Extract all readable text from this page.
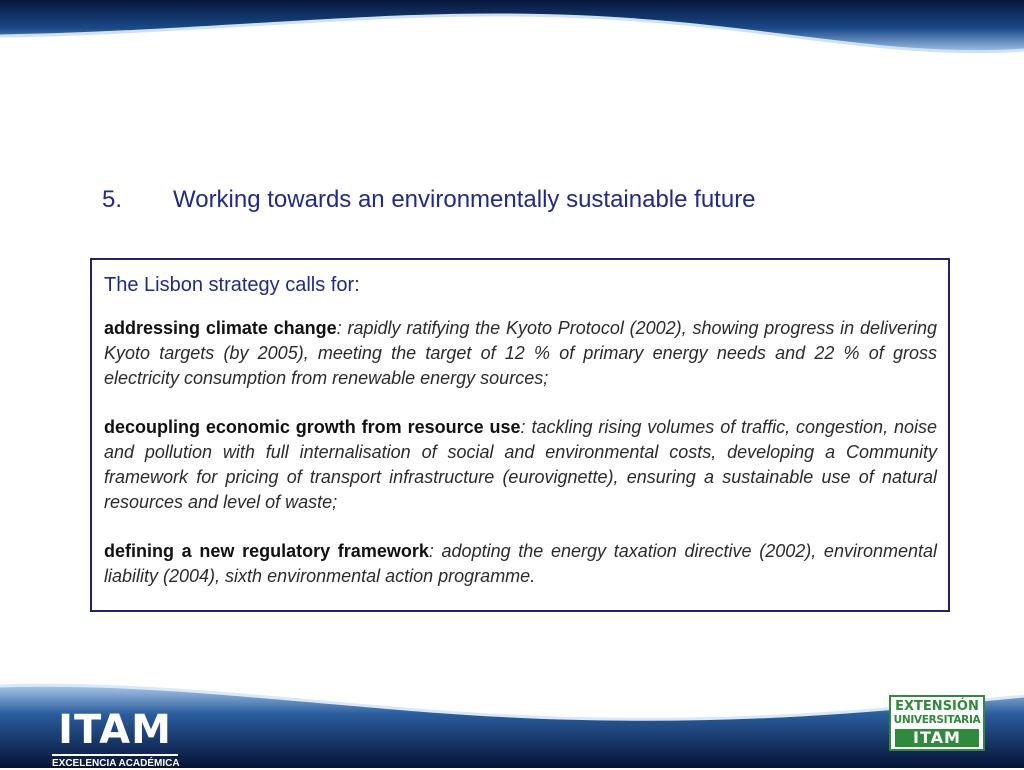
5. Working towards an environmentally sustainable future
The Lisbon strategy calls for:

addressing climate change: rapidly ratifying the Kyoto Protocol (2002), showing progress in delivering Kyoto targets (by 2005), meeting the target of 12 % of primary energy needs and 22 % of gross electricity consumption from renewable energy sources;

decoupling economic growth from resource use: tackling rising volumes of traffic, congestion, noise and pollution with full internalisation of social and environmental costs, developing a Community framework for pricing of transport infrastructure (eurovignette), ensuring a sustainable use of natural resources and level of waste;

defining a new regulatory framework: adopting the energy taxation directive (2002), environmental liability (2004), sixth environmental action programme.

ITAM
EXCELENCIA ACADÉMICA
EXTENSIÓN
UNIVERSITARIA
ITAM
